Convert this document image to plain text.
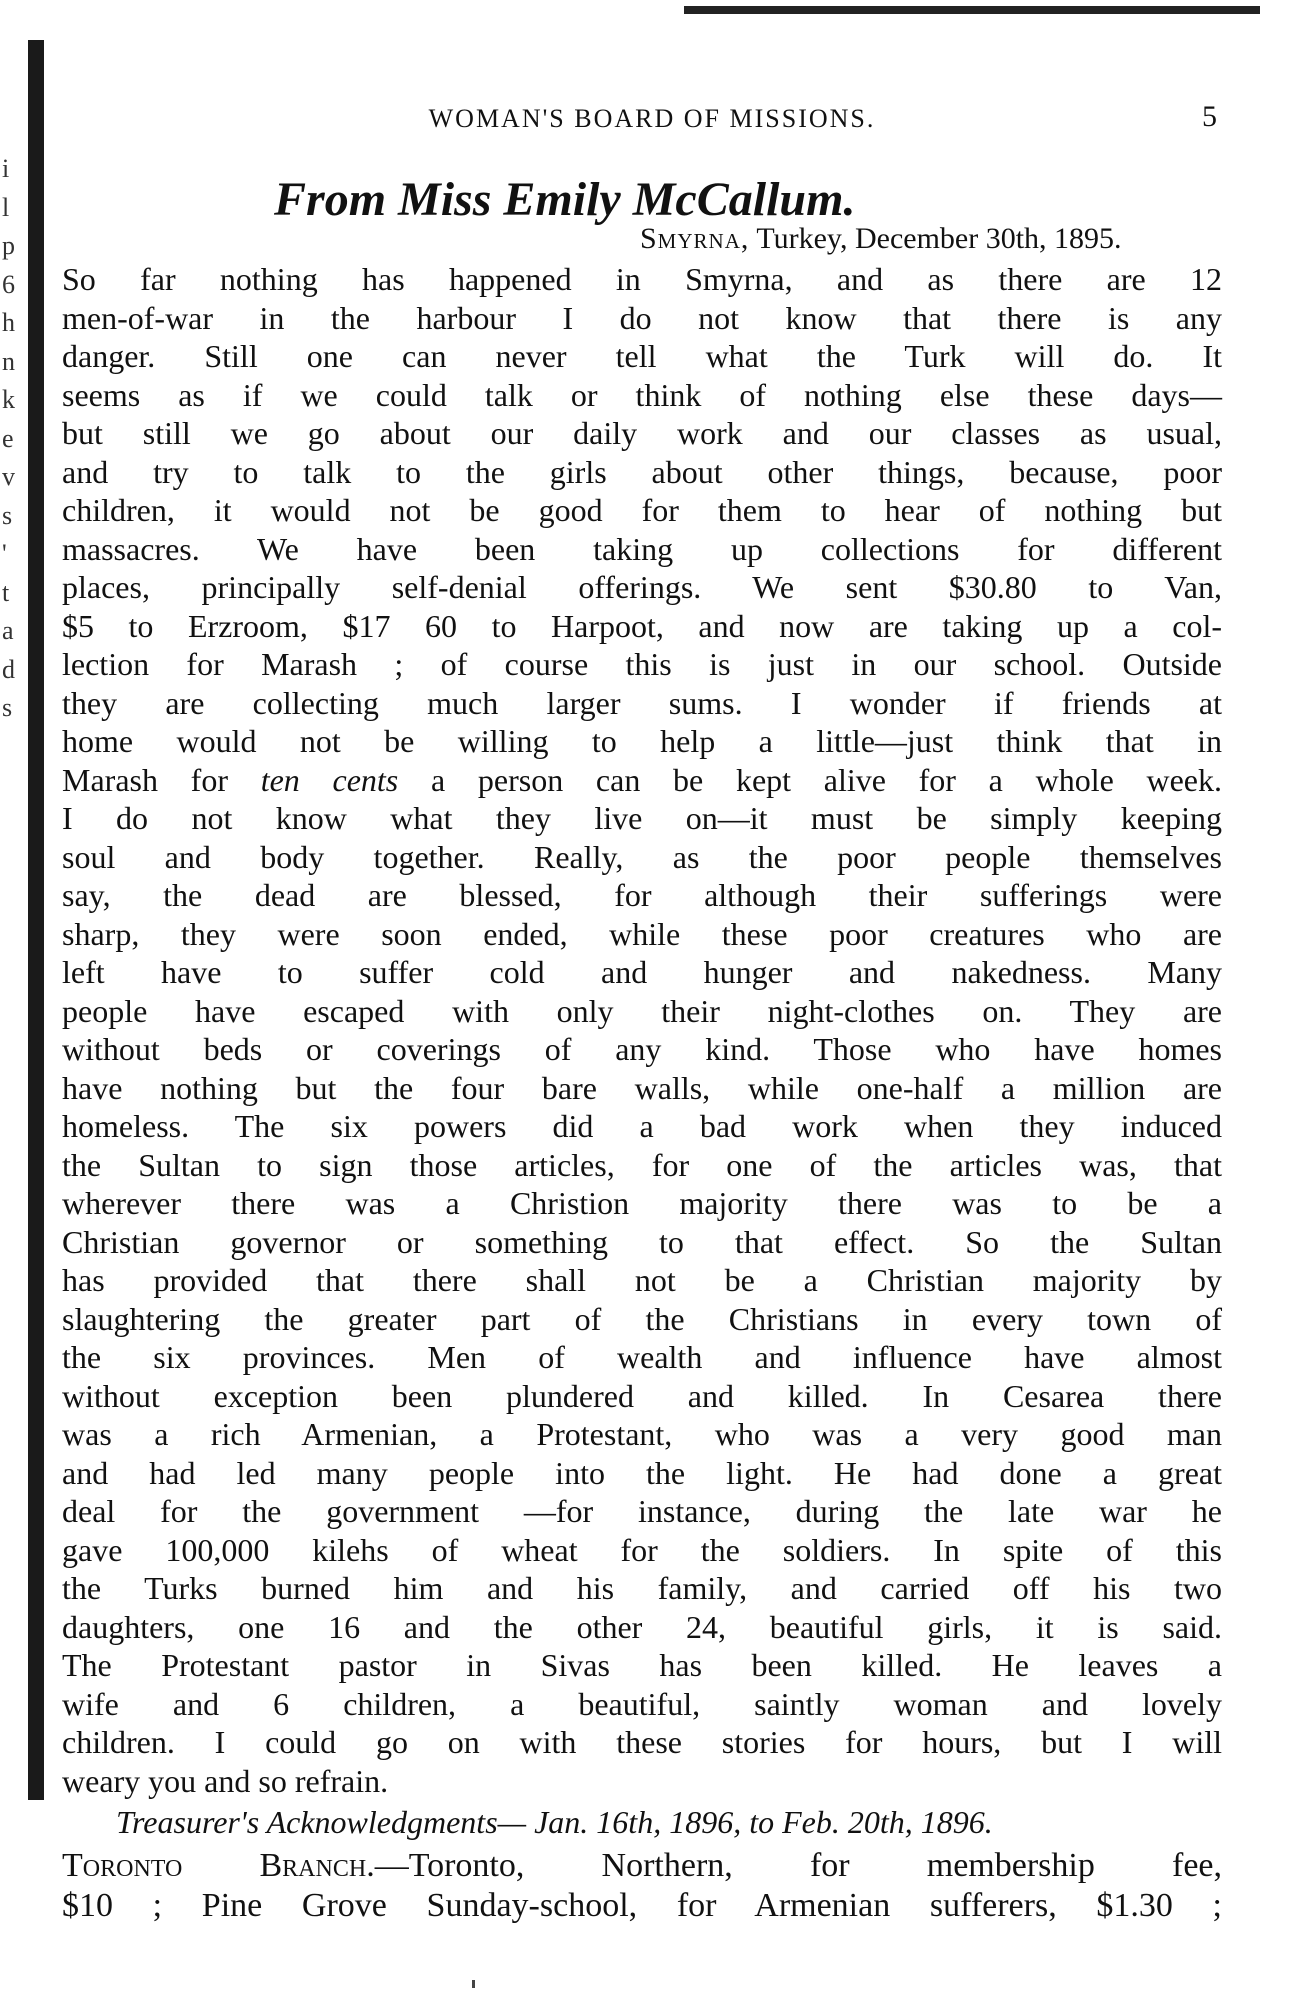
i
l
p
6
h
n
k
e
v
s
'
t
a
d
s
WOMAN'S BOARD OF MISSIONS.	5
From Miss Emily McCallum.
Smyrna, Turkey, December 30th, 1895.
So far nothing has happened in Smyrna, and as there are 12
men-of-war in the harbour I do not know that there is any
danger. Still one can never tell what the Turk will do. It
seems as if we could talk or think of nothing else these days—
but still we go about our daily work and our classes as usual,
and try to talk to the girls about other things, because, poor
children, it would not be good for them to hear of nothing but
massacres. We have been taking up collections for different
places, principally self-denial offerings. We sent $30.80 to Van,
$5 to Erzroom, $17 60 to Harpoot, and now are taking up a col-
lection for Marash ; of course this is just in our school. Outside
they are collecting much larger sums. I wonder if friends at
home would not be willing to help a little—just think that in
Marash for ten cents a person can be kept alive for a whole week.
I do not know what they live on—it must be simply keeping
soul and body together. Really, as the poor people themselves
say, the dead are blessed, for although their sufferings were
sharp, they were soon ended, while these poor creatures who are
left have to suffer cold and hunger and nakedness. Many
people have escaped with only their night-clothes on. They are
without beds or coverings of any kind. Those who have homes
have nothing but the four bare walls, while one-half a million are
homeless. The six powers did a bad work when they induced
the Sultan to sign those articles, for one of the articles was, that
wherever there was a Christion majority there was to be a
Christian governor or something to that effect. So the Sultan
has provided that there shall not be a Christian majority by
slaughtering the greater part of the Christians in every town of
the six provinces. Men of wealth and influence have almost
without exception been plundered and killed. In Cesarea there
was a rich Armenian, a Protestant, who was a very good man
and had led many people into the light. He had done a great
deal for the government —for instance, during the late war he
gave 100,000 kilehs of wheat for the soldiers. In spite of this
the Turks burned him and his family, and carried off his two
daughters, one 16 and the other 24, beautiful girls, it is said.
The Protestant pastor in Sivas has been killed. He leaves a
wife and 6 children, a beautiful, saintly woman and lovely
children. I could go on with these stories for hours, but I will
weary you and so refrain.
Treasurer's Acknowledgments— Jan. 16th, 1896, to Feb. 20th, 1896.
Toronto Branch.—Toronto, Northern, for membership fee,
$10 ; Pine Grove Sunday-school, for Armenian sufferers, $1.30 ;
